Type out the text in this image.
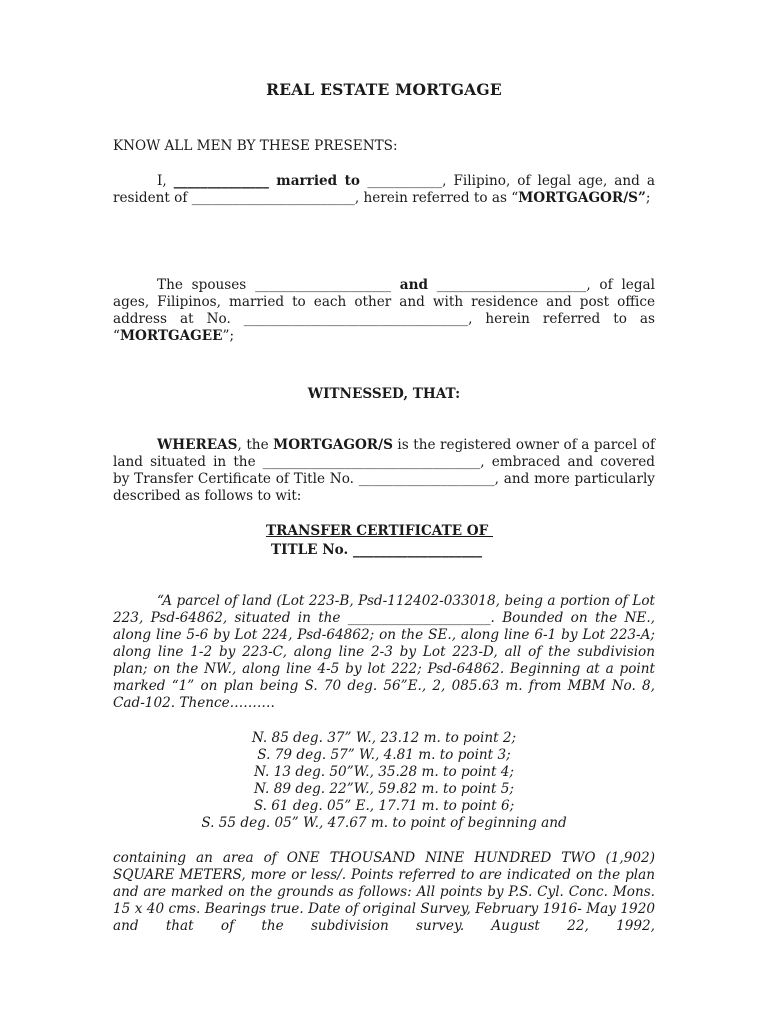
REAL ESTATE MORTGAGE
KNOW ALL MEN BY THESE PRESENTS:
I, ______________ married to ___________, Filipino, of legal age, and a resident of ________________________, herein referred to as “MORTGAGOR/S”;
The spouses ____________________ and ______________________, of legal ages, Filipinos, married to each other and with residence and post office address at No. _________________________________, herein referred to as “MORTGAGEE”;
WITNESSED, THAT:
WHEREAS, the MORTGAGOR/S is the registered owner of a parcel of land situated in the ________________________________, embraced and covered by Transfer Certificate of Title No. ____________________, and more particularly described as follows to wit:
TRANSFER CERTIFICATE OF
TITLE No. ___________________
“A parcel of land (Lot 223-B, Psd-112402-033018, being a portion of Lot 223, Psd-64862, situated in the _____________________. Bounded on the NE., along line 5-6 by Lot 224, Psd-64862; on the SE., along line 6-1 by Lot 223-A; along line 1-2 by 223-C, along line 2-3 by Lot 223-D, all of the subdivision plan; on the NW., along line 4-5 by lot 222; Psd-64862. Beginning at a point marked “1” on plan being S. 70 deg. 56”E., 2, 085.63 m. from MBM No. 8, Cad-102. Thence……….
N. 85 deg. 37” W., 23.12 m. to point 2;
S. 79 deg. 57” W., 4.81 m. to point 3;
N. 13 deg. 50”W., 35.28 m. to point 4;
N. 89 deg. 22”W., 59.82 m. to point 5;
S. 61 deg. 05” E., 17.71 m. to point 6;
S. 55 deg. 05” W., 47.67 m. to point of beginning and
containing an area of ONE THOUSAND NINE HUNDRED TWO (1,902) SQUARE METERS, more or less/. Points referred to are indicated on the plan and are marked on the grounds as follows: All points by P.S. Cyl. Conc. Mons. 15 x 40 cms. Bearings true. Date of original Survey, February 1916- May 1920 and that of the subdivision survey. August 22, 1992,
